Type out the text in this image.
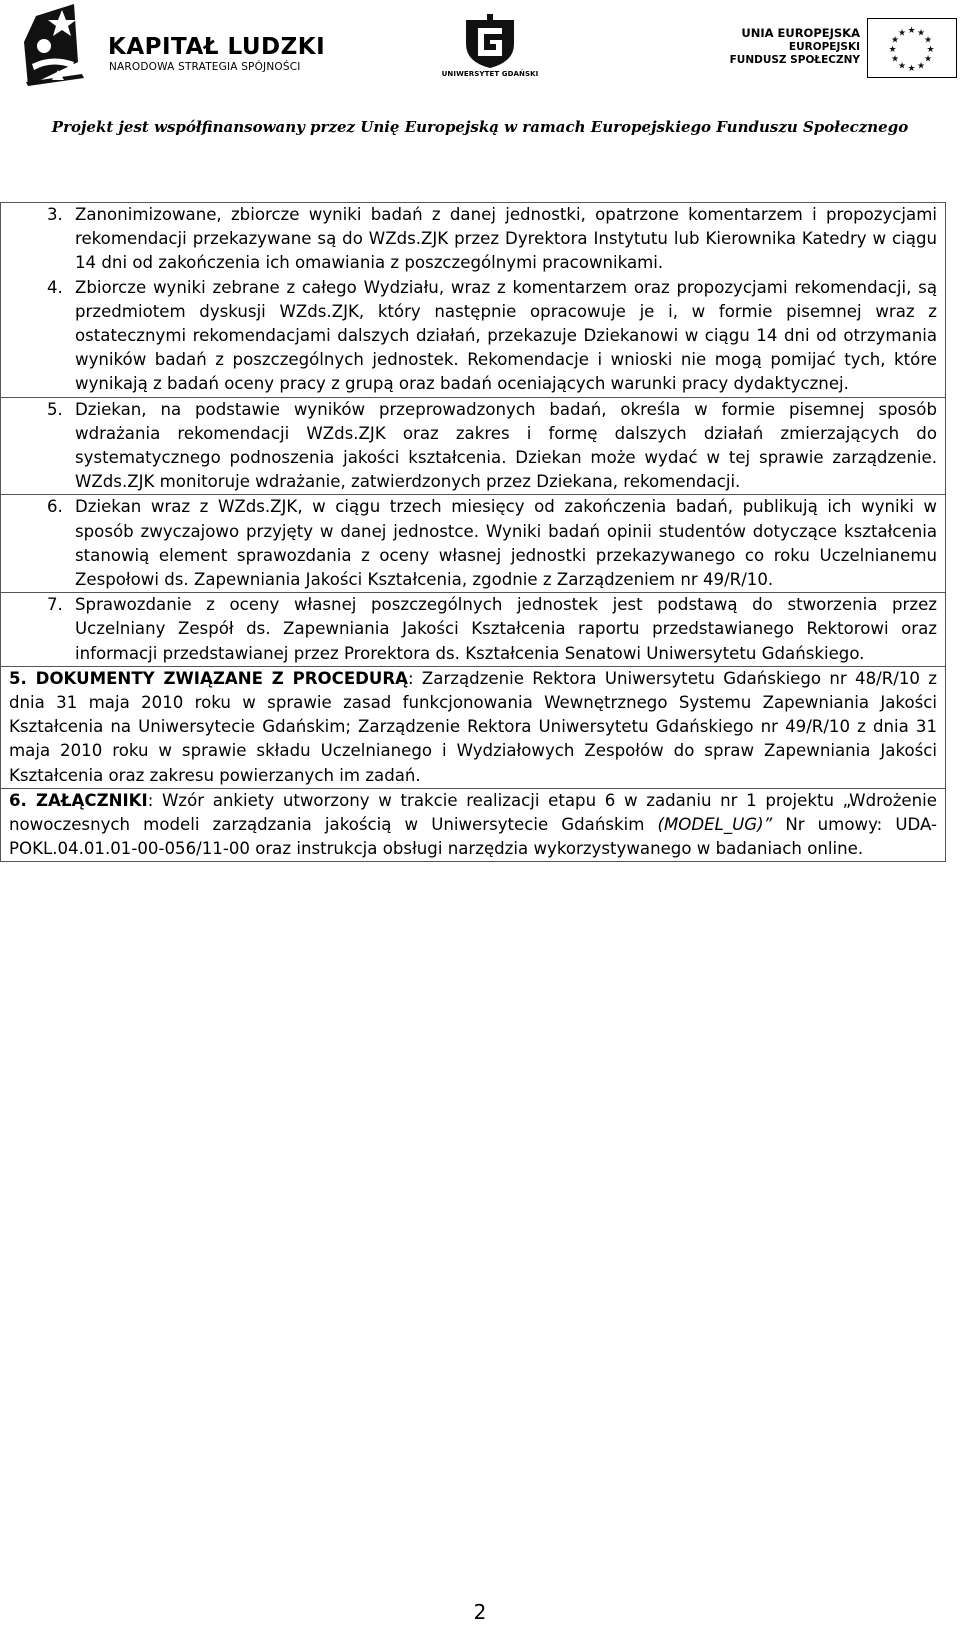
KAPITAŁ LUDZKI
NARODOWA STRATEGIA SPÓJNOŚCI
UNIWERSYTET GDAŃSKI
UNIA EUROPEJSKA
EUROPEJSKI
FUNDUSZ SPOŁECZNY
★ ★
★
★
★
★
★
★
★
★
★
★
Projekt jest współfinansowany przez Unię Europejską w ramach Europejskiego Funduszu Społecznego
3. Zanonimizowane, zbiorcze wyniki badań z danej jednostki, opatrzone komentarzem i propozycjami rekomendacji przekazywane są do WZds.ZJK przez Dyrektora Instytutu lub Kierownika Katedry w ciągu 14 dni od zakończenia ich omawiania z poszczególnymi pracownikami.
4. Zbiorcze wyniki zebrane z całego Wydziału, wraz z komentarzem oraz propozycjami rekomendacji, są przedmiotem dyskusji WZds.ZJK, który następnie opracowuje je i, w formie pisemnej wraz z ostatecznymi rekomendacjami dalszych działań, przekazuje Dziekanowi w ciągu 14 dni od otrzymania wyników badań z poszczególnych jednostek. Rekomendacje i wnioski nie mogą pomijać tych, które wynikają z badań oceny pracy z grupą oraz badań oceniających warunki pracy dydaktycznej.

5. Dziekan, na podstawie wyników przeprowadzonych badań, określa w formie pisemnej sposób wdrażania rekomendacji WZds.ZJK oraz zakres i formę dalszych działań zmierzających do systematycznego podnoszenia jakości kształcenia. Dziekan może wydać w tej sprawie zarządzenie. WZds.ZJK monitoruje wdrażanie, zatwierdzonych przez Dziekana, rekomendacji.

6. Dziekan wraz z WZds.ZJK, w ciągu trzech miesięcy od zakończenia badań, publikują ich wyniki w sposób zwyczajowo przyjęty w danej jednostce. Wyniki badań opinii studentów dotyczące kształcenia stanowią element sprawozdania z oceny własnej jednostki przekazywanego co roku Uczelnianemu Zespołowi ds. Zapewniania Jakości Kształcenia, zgodnie z Zarządzeniem nr 49/R/10.

7. Sprawozdanie z oceny własnej poszczególnych jednostek jest podstawą do stworzenia przez Uczelniany Zespół ds. Zapewniania Jakości Kształcenia raportu przedstawianego Rektorowi oraz informacji przedstawianej przez Prorektora ds. Kształcenia Senatowi Uniwersytetu Gdańskiego.

5. DOKUMENTY ZWIĄZANE Z PROCEDURĄ: Zarządzenie Rektora Uniwersytetu Gdańskiego nr 48/R/10 z dnia 31 maja 2010 roku w sprawie zasad funkcjonowania Wewnętrznego Systemu Zapewniania Jakości Kształcenia na Uniwersytecie Gdańskim; Zarządzenie Rektora Uniwersytetu Gdańskiego nr 49/R/10 z dnia 31 maja 2010 roku w sprawie składu Uczelnianego i Wydziałowych Zespołów do spraw Zapewniania Jakości Kształcenia oraz zakresu powierzanych im zadań.
6. ZAŁĄCZNIKI: Wzór ankiety utworzony w trakcie realizacji etapu 6 w zadaniu nr 1 projektu „Wdrożenie nowoczesnych modeli zarządzania jakością w Uniwersytecie Gdańskim (MODEL_UG)” Nr umowy: UDA-POKL.04.01.01-00-056/11-00 oraz instrukcja obsługi narzędzia wykorzystywanego w badaniach online.
2
